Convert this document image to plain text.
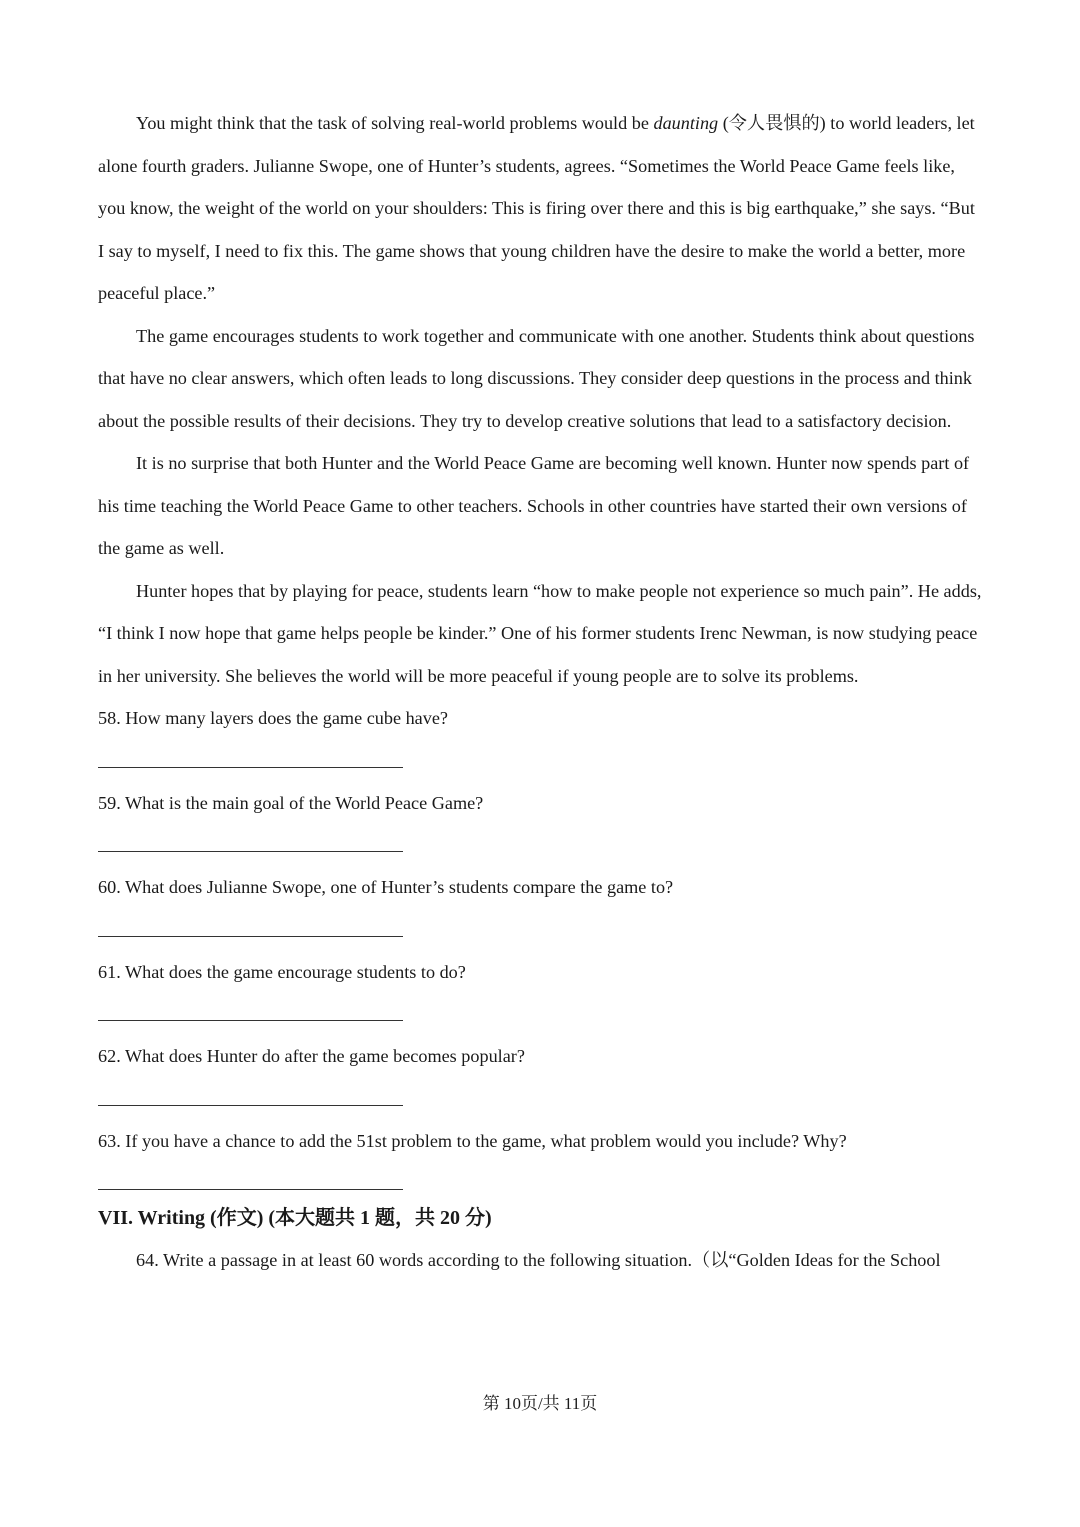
You might think that the task of solving real-world problems would be daunting (令人畏惧的) to world leaders, let alone fourth graders. Julianne Swope, one of Hunter’s students, agrees. “Sometimes the World Peace Game feels like, you know, the weight of the world on your shoulders: This is firing over there and this is big earthquake,” she says. “But I say to myself, I need to fix this. The game shows that young children have the desire to make the world a better, more peaceful place.”

The game encourages students to work together and communicate with one another. Students think about questions that have no clear answers, which often leads to long discussions. They consider deep questions in the process and think about the possible results of their decisions. They try to develop creative solutions that lead to a satisfactory decision.

It is no surprise that both Hunter and the World Peace Game are becoming well known. Hunter now spends part of his time teaching the World Peace Game to other teachers. Schools in other countries have started their own versions of the game as well.

Hunter hopes that by playing for peace, students learn “how to make people not experience so much pain”. He adds, “I think I now hope that game helps people be kinder.” One of his former students Irenc Newman, is now studying peace in her university. She believes the world will be more peaceful if young people are to solve its problems.

58. How many layers does the game cube have?

59. What is the main goal of the World Peace Game?

60. What does Julianne Swope, one of Hunter’s students compare the game to?

61. What does the game encourage students to do?

62. What does Hunter do after the game becomes popular?

63. If you have a chance to add the 51st problem to the game, what problem would you include? Why?

VII. Writing (作文) (本大题共 1 题，共 20 分)

64. Write a passage in at least 60 words according to the following situation.（以“Golden Ideas for the School

第 10页/共 11页
